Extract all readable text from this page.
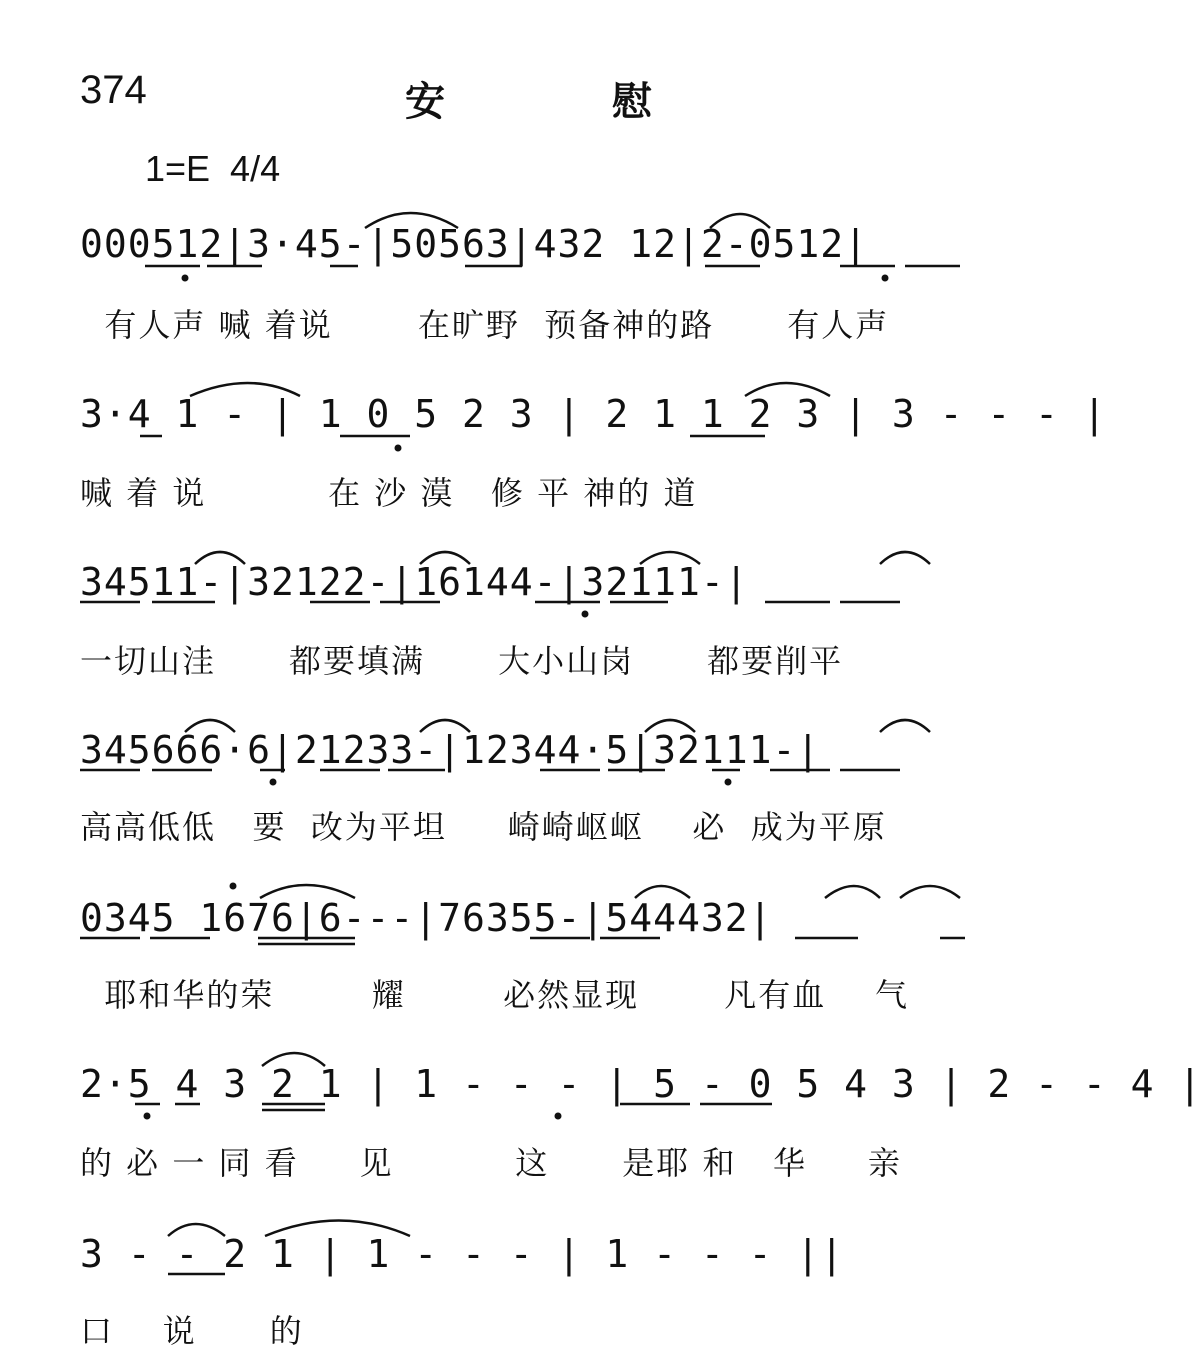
374	安	慰
1=E  4/4
000512|3·45-|50563|432 12|2-0512|
有人声 喊 着说       在旷野  预备神的路      有人声
3·4 1 - | 1 0 5 2 3 | 2 1 1 2 3 | 3 - - - |
喊 着 说          在 沙 漠   修 平 神的 道
34511-|32122-|16144-|32111-|
一切山洼      都要填满      大小山岗      都要削平
345666·6|21233-|12344·5|32111-|
高高低低   要  改为平坦     崎崎岖岖    必  成为平原
0345 1676|6---|76355-|544432|
耶和华的荣        耀        必然显现       凡有血    气
2·5 4 3 2 1 | 1 - - - | 5 - 0 5 4 3 | 2 - - 4 |
的 必 一 同 看     见          这      是耶 和   华     亲
3 - - 2 1 | 1 - - - | 1 - - - ||
口    说      的
